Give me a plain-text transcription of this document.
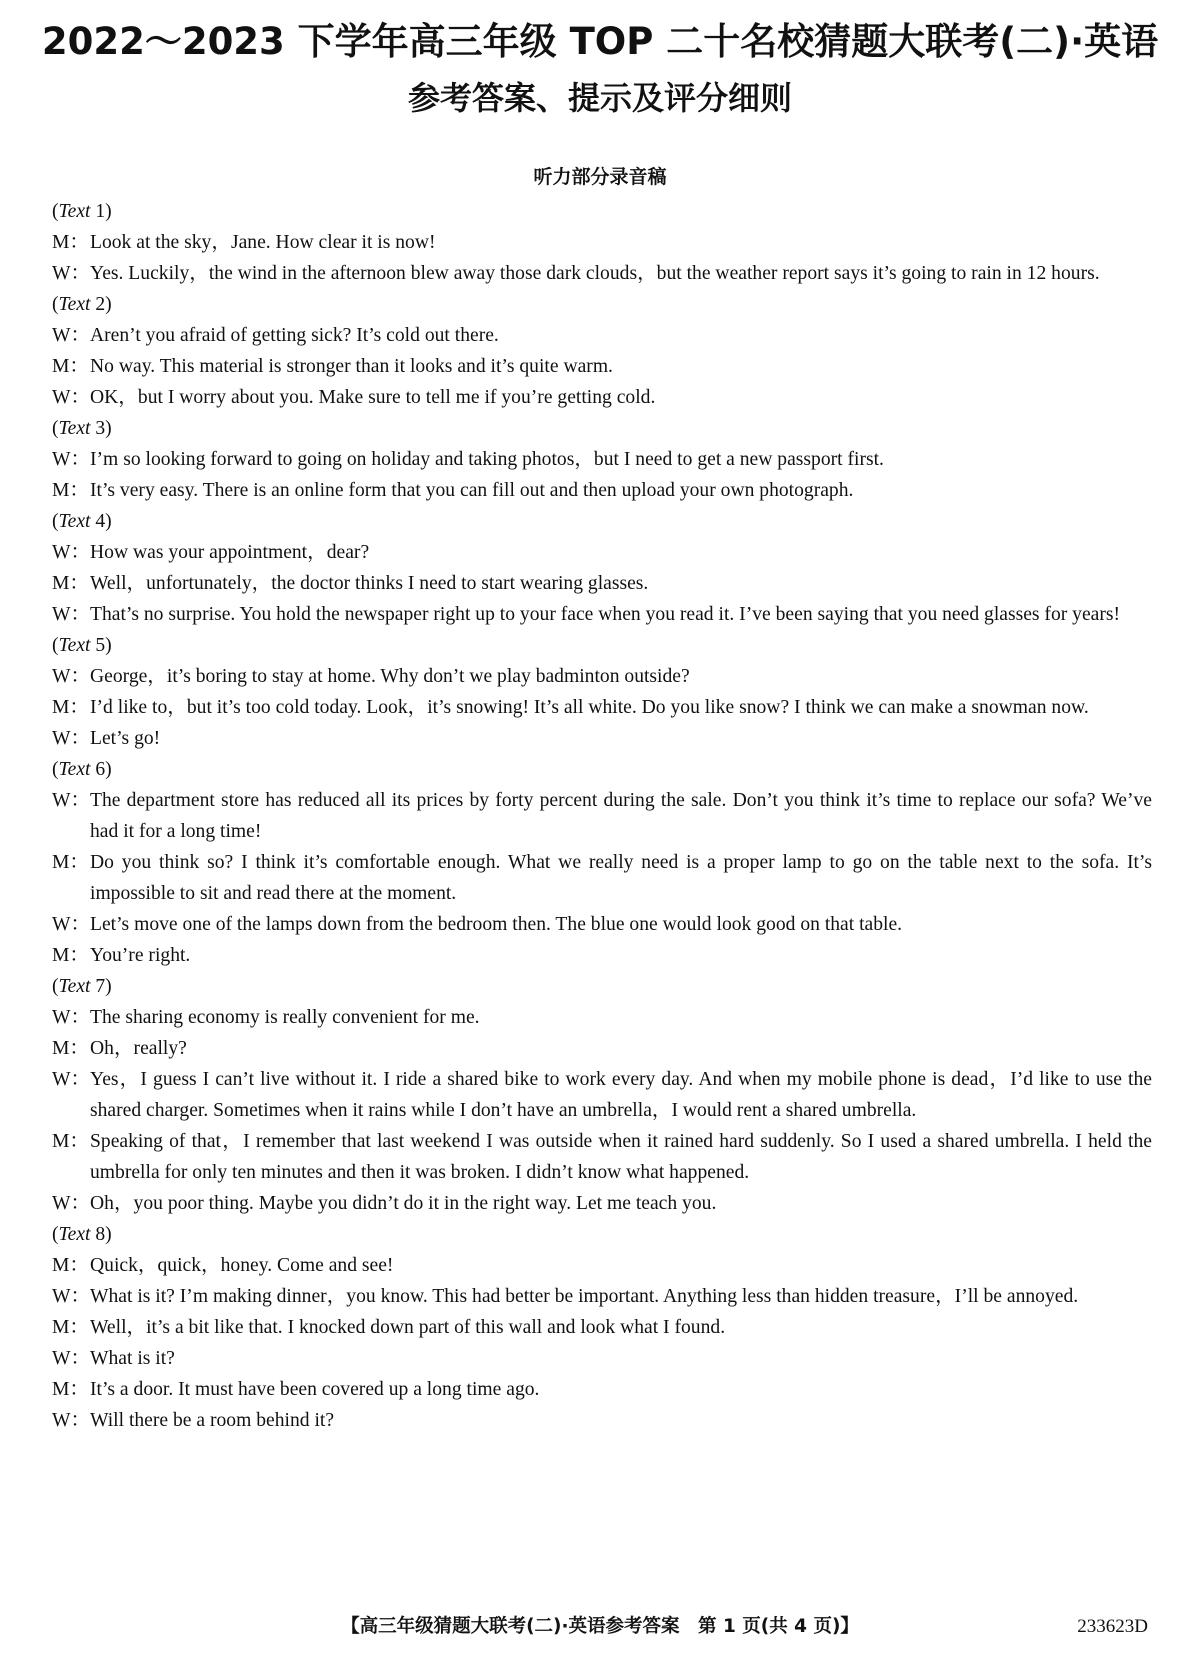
2022～2023 下学年高三年级 TOP 二十名校猜题大联考(二)·英语
参考答案、提示及评分细则
听力部分录音稿
(Text 1)
M： Look at the sky，Jane. How clear it is now!
W： Yes. Luckily，the wind in the afternoon blew away those dark clouds，but the weather report says it’s going to rain in 12 hours.
(Text 2)
W： Aren’t you afraid of getting sick? It’s cold out there.
M： No way. This material is stronger than it looks and it’s quite warm.
W： OK，but I worry about you. Make sure to tell me if you’re getting cold.
(Text 3)
W： I’m so looking forward to going on holiday and taking photos，but I need to get a new passport first.
M： It’s very easy. There is an online form that you can fill out and then upload your own photograph.
(Text 4)
W： How was your appointment，dear?
M： Well，unfortunately，the doctor thinks I need to start wearing glasses.
W： That’s no surprise. You hold the newspaper right up to your face when you read it. I’ve been saying that you need glasses for years!
(Text 5)
W： George，it’s boring to stay at home. Why don’t we play badminton outside?
M： I’d like to，but it’s too cold today. Look，it’s snowing! It’s all white. Do you like snow? I think we can make a snowman now.
W： Let’s go!
(Text 6)
W： The department store has reduced all its prices by forty percent during the sale. Don’t you think it’s time to replace our sofa? We’ve had it for a long time!
M： Do you think so? I think it’s comfortable enough. What we really need is a proper lamp to go on the table next to the sofa. It’s impossible to sit and read there at the moment.
W： Let’s move one of the lamps down from the bedroom then. The blue one would look good on that table.
M： You’re right.
(Text 7)
W： The sharing economy is really convenient for me.
M： Oh，really?
W： Yes，I guess I can’t live without it. I ride a shared bike to work every day. And when my mobile phone is dead，I’d like to use the shared charger. Sometimes when it rains while I don’t have an umbrella，I would rent a shared umbrella.
M： Speaking of that，I remember that last weekend I was outside when it rained hard suddenly. So I used a shared umbrella. I held the umbrella for only ten minutes and then it was broken. I didn’t know what happened.
W： Oh，you poor thing. Maybe you didn’t do it in the right way. Let me teach you.
(Text 8)
M： Quick，quick，honey. Come and see!
W： What is it? I’m making dinner，you know. This had better be important. Anything less than hidden treasure，I’ll be annoyed.
M： Well，it’s a bit like that. I knocked down part of this wall and look what I found.
W： What is it?
M： It’s a door. It must have been covered up a long time ago.
W： Will there be a room behind it?
【高三年级猜题大联考(二)·英语参考答案　第 1 页(共 4 页)】	233623D
